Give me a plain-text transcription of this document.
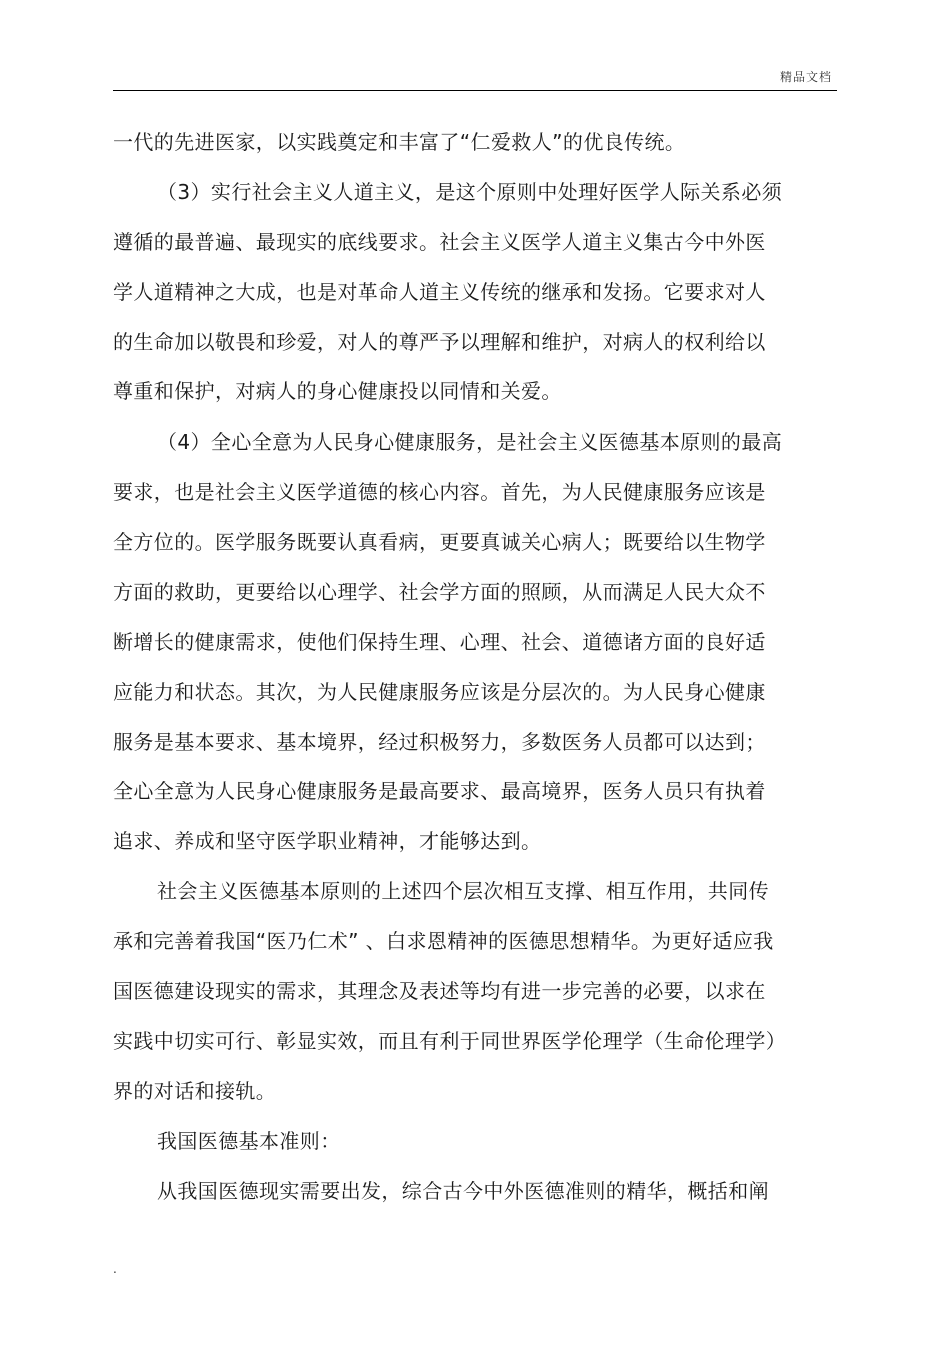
精品文档
一代的先进医家，以实践奠定和丰富了“仁爱救人”的优良传统。
（3）实行社会主义人道主义，是这个原则中处理好医学人际关系必须
遵循的最普遍、最现实的底线要求。社会主义医学人道主义集古今中外医
学人道精神之大成，也是对革命人道主义传统的继承和发扬。它要求对人
的生命加以敬畏和珍爱，对人的尊严予以理解和维护，对病人的权利给以
尊重和保护，对病人的身心健康投以同情和关爱。
（4）全心全意为人民身心健康服务，是社会主义医德基本原则的最高
要求，也是社会主义医学道德的核心内容。首先，为人民健康服务应该是
全方位的。医学服务既要认真看病，更要真诚关心病人；既要给以生物学
方面的救助，更要给以心理学、社会学方面的照顾，从而满足人民大众不
断增长的健康需求，使他们保持生理、心理、社会、道德诸方面的良好适
应能力和状态。其次，为人民健康服务应该是分层次的。为人民身心健康
服务是基本要求、基本境界，经过积极努力，多数医务人员都可以达到；
全心全意为人民身心健康服务是最高要求、最高境界，医务人员只有执着
追求、养成和坚守医学职业精神，才能够达到。
社会主义医德基本原则的上述四个层次相互支撑、相互作用，共同传
承和完善着我国“医乃仁术” 、白求恩精神的医德思想精华。为更好适应我
国医德建设现实的需求，其理念及表述等均有进一步完善的必要，以求在
实践中切实可行、彰显实效，而且有利于同世界医学伦理学（生命伦理学）
界的对话和接轨。
我国医德基本准则：
从我国医德现实需要出发，综合古今中外医德准则的精华，概括和阐
.
